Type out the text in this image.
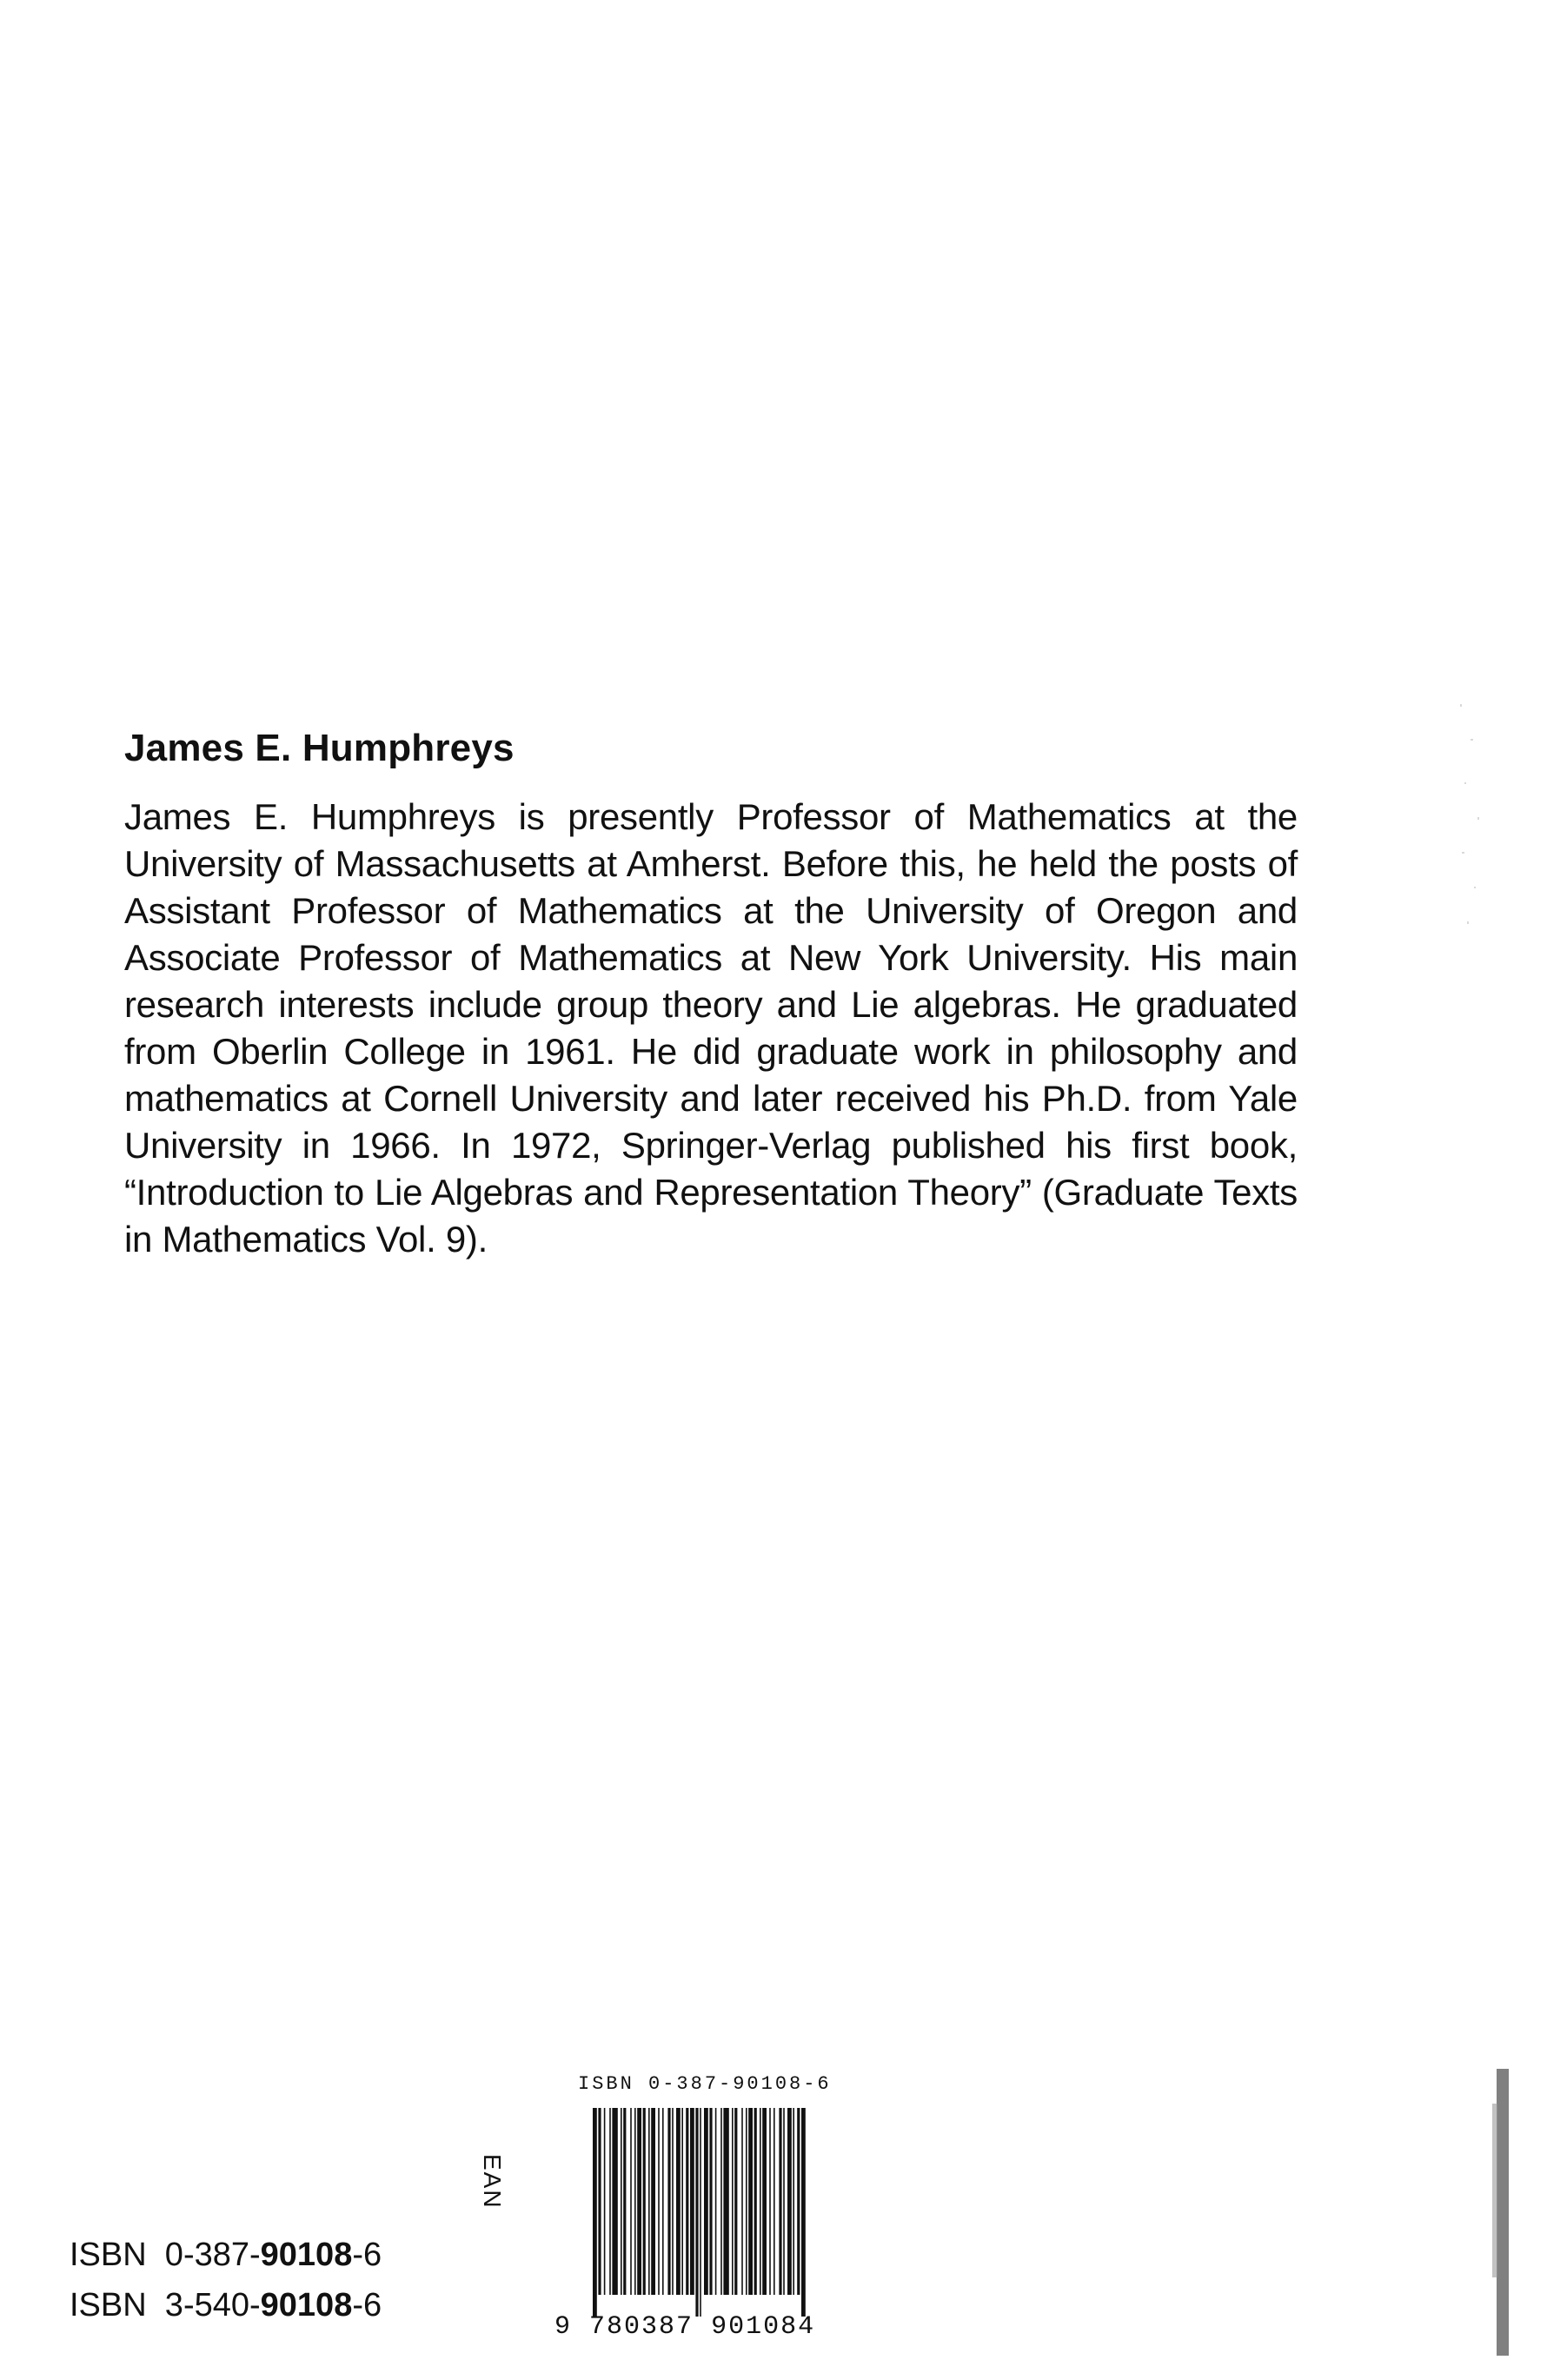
James E. Humphreys

James E. Humphreys is presently Professor of Mathematics at the University of Massachusetts at Amherst. Before this, he held the posts of Assistant Professor of Mathematics at the University of Oregon and Associate Professor of Mathematics at New York University. His main research interests include group theory and Lie algebras. He graduated from Oberlin College in 1961. He did graduate work in philosophy and mathematics at Cornell University and later received his Ph.D. from Yale University in 1966. In 1972, Springer-Verlag published his first book, “Introduction to Lie Algebras and Representation Theory” (Graduate Texts in Mathematics Vol. 9).

ISBN 0-387-90108-6
EAN
9 780387 901084
ISBN  0-387-90108-6
ISBN  3-540-90108-6
